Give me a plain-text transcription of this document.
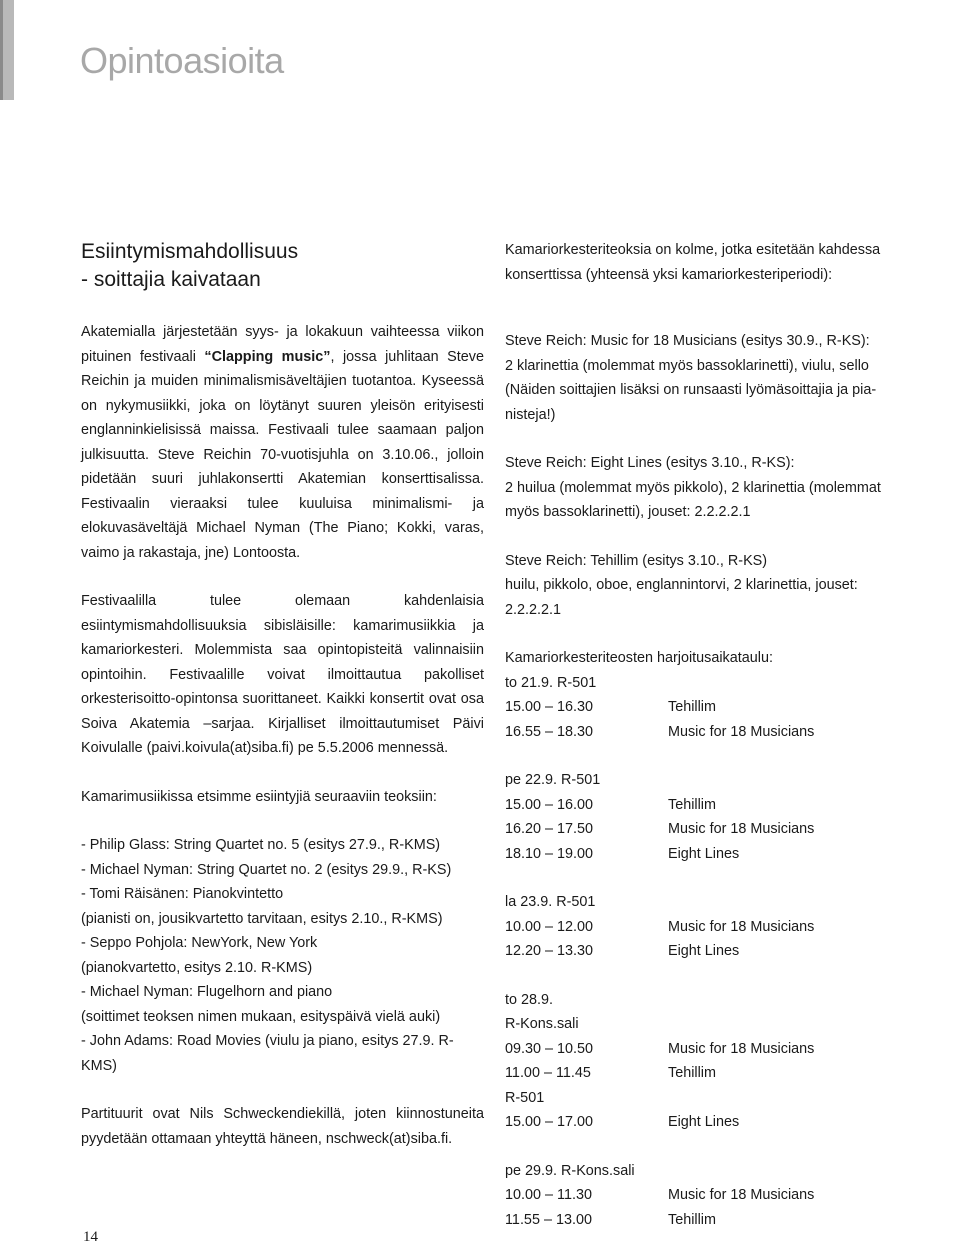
Opintoasioita
Esiintymismahdollisuus
- soittajia kaivataan

Akatemialla järjestetään syys- ja lokakuun vaihteessa viikon pituinen festivaali “Clapping music”, jossa juhlitaan Steve Reichin ja muiden minimalismisäveltäjien tuotantoa. Kyseessä on nykymusiikki, joka on löytänyt suuren yleisön erityisesti englanninkielisissä maissa. Festivaali tulee saamaan paljon julkisuutta. Steve Reichin 70-vuotisjuhla on 3.10.06., jolloin pidetään suuri juhlakonsertti Akatemian konserttisalissa. Festivaalin vieraaksi tulee kuuluisa minimalismi- ja elokuvasäveltäjä Michael Nyman (The Piano; Kokki, varas, vaimo ja rakastaja, jne) Lontoosta.

Festivaalilla tulee olemaan kahdenlaisia esiintymismahdollisuuksia sibisläisille: kamarimusiikkia ja kamariorkesteri. Molemmista saa opintopisteitä valinnaisiin opintoihin. Festivaalille voivat ilmoittautua pakolliset orkesterisoitto-opintonsa suorittaneet. Kaikki konsertit ovat osa Soiva Akatemia –sarjaa. Kirjalliset ilmoittautumiset Päivi Koivulalle (paivi.koivula(at)siba.fi) pe 5.5.2006 mennessä.

Kamarimusiikissa etsimme esiintyjiä seuraaviin teoksiin:

- Philip Glass: String Quartet no. 5 (esitys 27.9., R-KMS)
- Michael Nyman: String Quartet no. 2 (esitys 29.9., R-KS)
- Tomi Räisänen: Pianokvintetto
(pianisti on, jousikvartetto tarvitaan, esitys 2.10., R-KMS)
- Seppo Pohjola: NewYork, New York
(pianokvartetto, esitys 2.10. R-KMS)
- Michael Nyman: Flugelhorn and piano
(soittimet teoksen nimen mukaan, esityspäivä vielä auki)
- John Adams: Road Movies (viulu ja piano, esitys 27.9. R-
KMS)

Partituurit ovat Nils Schweckendiekillä, joten kiinnostuneita pyydetään ottamaan yhteyttä häneen, nschweck(at)siba.fi.

Kamariorkesteriteoksia on kolme, jotka esitetään kahdessa
konserttissa (yhteensä yksi kamariorkesteriperiodi):
Steve Reich: Music for 18 Musicians (esitys 30.9., R-KS):
2 klarinettia (molemmat myös bassoklarinetti), viulu, sello
(Näiden soittajien lisäksi on runsaasti lyömäsoittajia ja pia-
nisteja!)
Steve Reich: Eight Lines (esitys 3.10., R-KS):
2 huilua (molemmat myös pikkolo), 2 klarinettia (molemmat
myös bassoklarinetti), jouset: 2.2.2.2.1
Steve Reich: Tehillim (esitys 3.10., R-KS)
huilu, pikkolo, oboe, englannintorvi, 2 klarinettia, jouset:
2.2.2.2.1
Kamariorkesteriteosten harjoitusaikataulu:
to 21.9. R-501
15.00 – 16.30	Tehillim
16.55 – 18.30	Music for 18 Musicians
pe 22.9. R-501
15.00 – 16.00	Tehillim
16.20 – 17.50	Music for 18 Musicians
18.10 – 19.00	Eight Lines
la 23.9. R-501
10.00 – 12.00	Music for 18 Musicians
12.20 – 13.30	Eight Lines
to 28.9.
R-Kons.sali
09.30 – 10.50	Music for 18 Musicians
11.00 – 11.45	Tehillim
R-501
15.00 – 17.00	Eight Lines
pe 29.9. R-Kons.sali
10.00 – 11.30	Music for 18 Musicians
11.55 – 13.00	Tehillim
14
